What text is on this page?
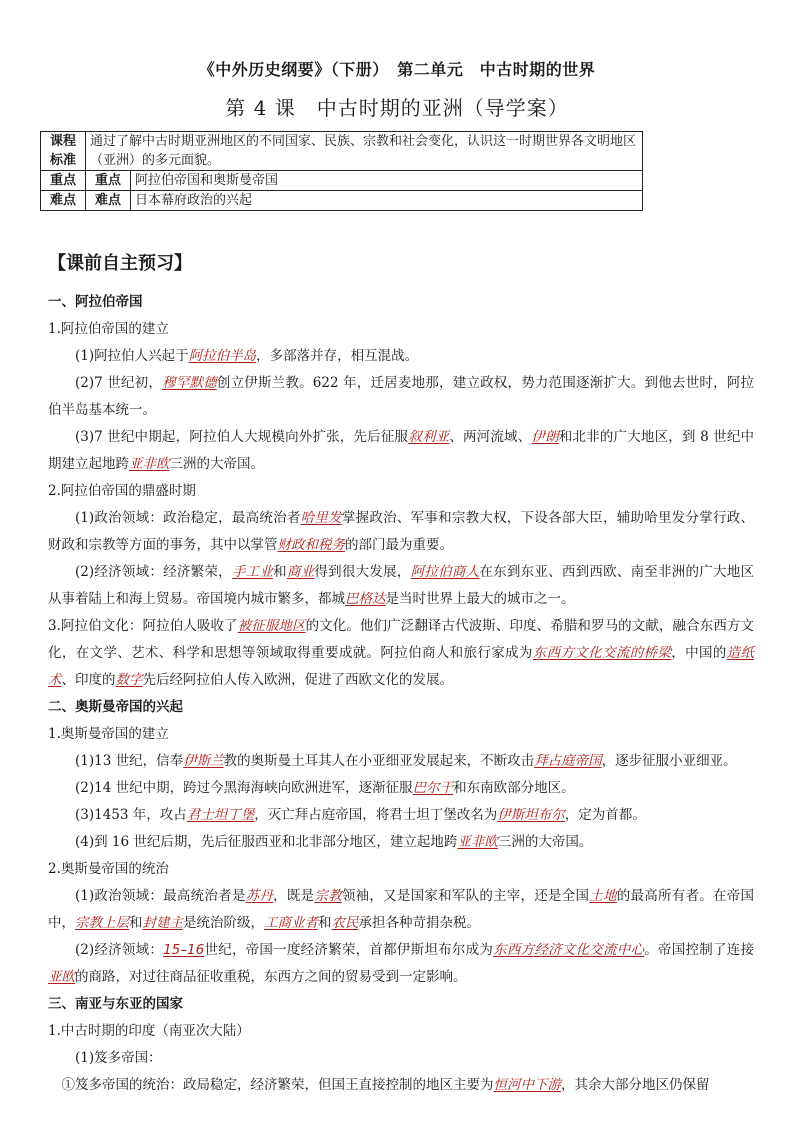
《中外历史纲要》（下册）　第二单元　中古时期的世界
第 4 课　中古时期的亚洲（导学案）
课程标准	通过了解中古时期亚洲地区的不同国家、民族、宗教和社会变化，认识这一时期世界各文明地区（亚洲）的多元面貌。	
重点	重点	阿拉伯帝国和奥斯曼帝国
难点	难点	日本幕府政治的兴起
【课前自主预习】
一、阿拉伯帝国
1.阿拉伯帝国的建立

(1)阿拉伯人兴起于阿拉伯半岛，多部落并存，相互混战。

(2)7 世纪初，穆罕默德创立伊斯兰教。622 年，迁居麦地那，建立政权，势力范围逐渐扩大。到他去世时，阿拉伯半岛基本统一。

(3)7 世纪中期起，阿拉伯人大规模向外扩张，先后征服叙利亚、两河流域、伊朗和北非的广大地区，到 8 世纪中期建立起地跨亚非欧三洲的大帝国。

2.阿拉伯帝国的鼎盛时期

(1)政治领域：政治稳定，最高统治者哈里发掌握政治、军事和宗教大权，下设各部大臣，辅助哈里发分掌行政、财政和宗教等方面的事务，其中以掌管财政和税务的部门最为重要。

(2)经济领域：经济繁荣，手工业和商业得到很大发展，阿拉伯商人在东到东亚、西到西欧、南至非洲的广大地区从事着陆上和海上贸易。帝国境内城市繁多，都城巴格达是当时世界上最大的城市之一。

3.阿拉伯文化：阿拉伯人吸收了被征服地区的文化。他们广泛翻译古代波斯、印度、希腊和罗马的文献，融合东西方文化，在文学、艺术、科学和思想等领域取得重要成就。阿拉伯商人和旅行家成为东西方文化交流的桥梁，中国的造纸术、印度的数字先后经阿拉伯人传入欧洲，促进了西欧文化的发展。

二、奥斯曼帝国的兴起
1.奥斯曼帝国的建立

(1)13 世纪，信奉伊斯兰教的奥斯曼土耳其人在小亚细亚发展起来，不断攻击拜占庭帝国，逐步征服小亚细亚。

(2)14 世纪中期，跨过今黑海海峡向欧洲进军，逐渐征服巴尔干和东南欧部分地区。

(3)1453 年，攻占君士坦丁堡，灭亡拜占庭帝国，将君士坦丁堡改名为伊斯坦布尔，定为首都。

(4)到 16 世纪后期，先后征服西亚和北非部分地区，建立起地跨亚非欧三洲的大帝国。

2.奥斯曼帝国的统治

(1)政治领域：最高统治者是苏丹，既是宗教领袖，又是国家和军队的主宰，还是全国土地的最高所有者。在帝国中，宗教上层和封建主是统治阶级，工商业者和农民承担各种苛捐杂税。

(2)经济领域：15–16世纪，帝国一度经济繁荣，首都伊斯坦布尔成为东西方经济文化交流中心。帝国控制了连接亚欧的商路，对过往商品征收重税，东西方之间的贸易受到一定影响。

三、南亚与东亚的国家
1.中古时期的印度（南亚次大陆）

(1)笈多帝国：

①笈多帝国的统治：政局稳定，经济繁荣，但国王直接控制的地区主要为恒河中下游，其余大部分地区仍保留
